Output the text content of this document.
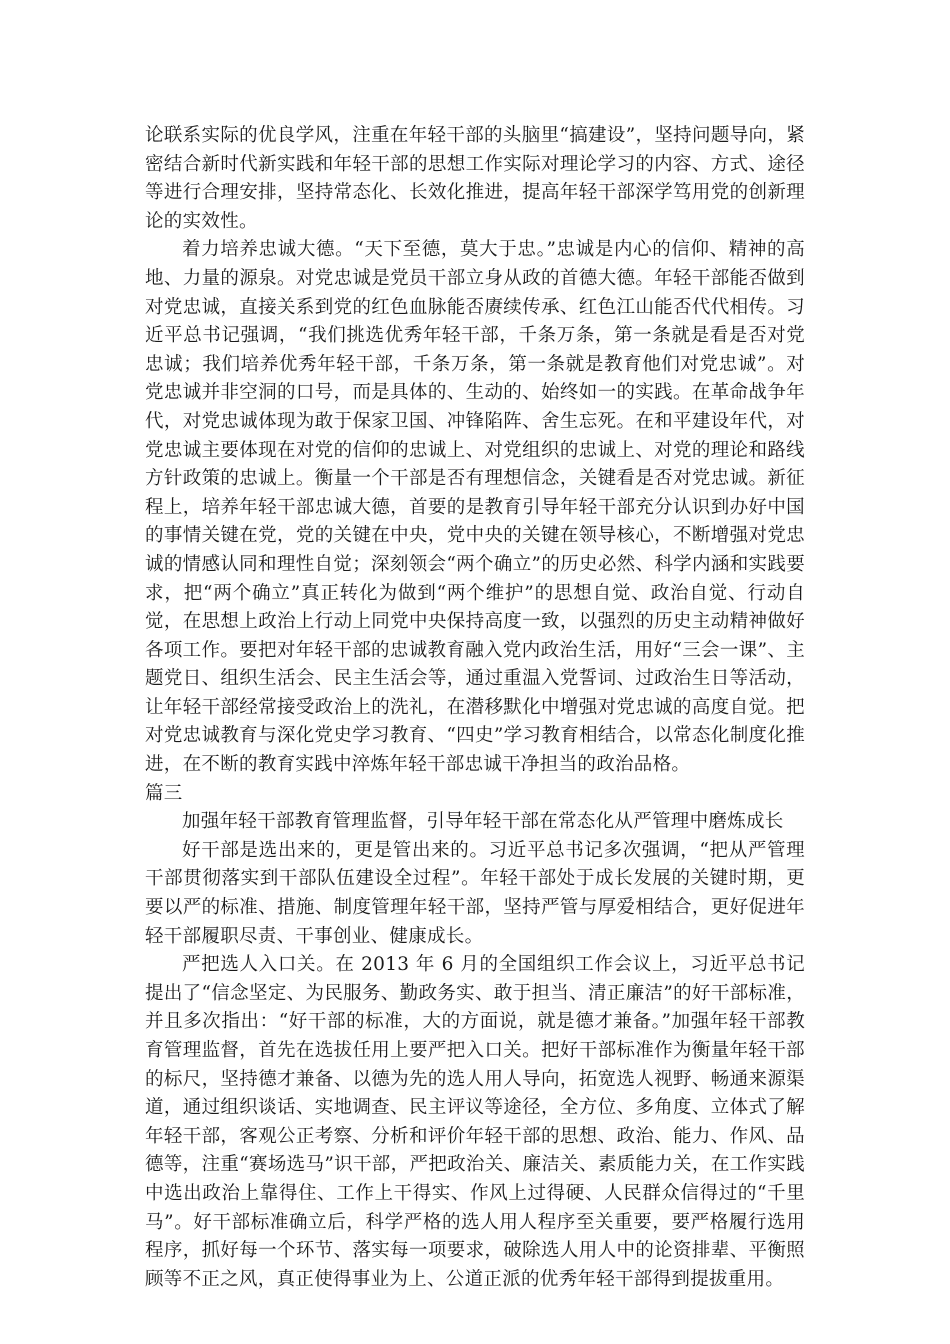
论联系实际的优良学风，注重在年轻干部的头脑里“搞建设”，坚持问题导向，紧密结合新时代新实践和年轻干部的思想工作实际对理论学习的内容、方式、途径等进行合理安排，坚持常态化、长效化推进，提高年轻干部深学笃用党的创新理论的实效性。

着力培养忠诚大德。“天下至德，莫大于忠。”忠诚是内心的信仰、精神的高地、力量的源泉。对党忠诚是党员干部立身从政的首德大德。年轻干部能否做到对党忠诚，直接关系到党的红色血脉能否赓续传承、红色江山能否代代相传。习近平总书记强调，“我们挑选优秀年轻干部，千条万条，第一条就是看是否对党忠诚；我们培养优秀年轻干部，千条万条，第一条就是教育他们对党忠诚”。对党忠诚并非空洞的口号，而是具体的、生动的、始终如一的实践。在革命战争年代，对党忠诚体现为敢于保家卫国、冲锋陷阵、舍生忘死。在和平建设年代，对党忠诚主要体现在对党的信仰的忠诚上、对党组织的忠诚上、对党的理论和路线方针政策的忠诚上。衡量一个干部是否有理想信念，关键看是否对党忠诚。新征程上，培养年轻干部忠诚大德，首要的是教育引导年轻干部充分认识到办好中国的事情关键在党，党的关键在中央，党中央的关键在领导核心，不断增强对党忠诚的情感认同和理性自觉；深刻领会“两个确立”的历史必然、科学内涵和实践要求，把“两个确立”真正转化为做到“两个维护”的思想自觉、政治自觉、行动自觉，在思想上政治上行动上同党中央保持高度一致，以强烈的历史主动精神做好各项工作。要把对年轻干部的忠诚教育融入党内政治生活，用好“三会一课”、主题党日、组织生活会、民主生活会等，通过重温入党誓词、过政治生日等活动，让年轻干部经常接受政治上的洗礼，在潜移默化中增强对党忠诚的高度自觉。把对党忠诚教育与深化党史学习教育、“四史”学习教育相结合，以常态化制度化推进，在不断的教育实践中淬炼年轻干部忠诚干净担当的政治品格。

篇三

加强年轻干部教育管理监督，引导年轻干部在常态化从严管理中磨炼成长

好干部是选出来的，更是管出来的。习近平总书记多次强调，“把从严管理干部贯彻落实到干部队伍建设全过程”。年轻干部处于成长发展的关键时期，更要以严的标准、措施、制度管理年轻干部，坚持严管与厚爱相结合，更好促进年轻干部履职尽责、干事创业、健康成长。

严把选人入口关。在 2013 年 6 月的全国组织工作会议上，习近平总书记提出了“信念坚定、为民服务、勤政务实、敢于担当、清正廉洁”的好干部标准，并且多次指出：“好干部的标准，大的方面说，就是德才兼备。”加强年轻干部教育管理监督，首先在选拔任用上要严把入口关。把好干部标准作为衡量年轻干部的标尺，坚持德才兼备、以德为先的选人用人导向，拓宽选人视野、畅通来源渠道，通过组织谈话、实地调查、民主评议等途径，全方位、多角度、立体式了解年轻干部，客观公正考察、分析和评价年轻干部的思想、政治、能力、作风、品德等，注重“赛场选马”识干部，严把政治关、廉洁关、素质能力关，在工作实践中选出政治上靠得住、工作上干得实、作风上过得硬、人民群众信得过的“千里马”。好干部标准确立后，科学严格的选人用人程序至关重要，要严格履行选用程序，抓好每一个环节、落实每一项要求，破除选人用人中的论资排辈、平衡照顾等不正之风，真正使得事业为上、公道正派的优秀年轻干部得到提拔重用。
